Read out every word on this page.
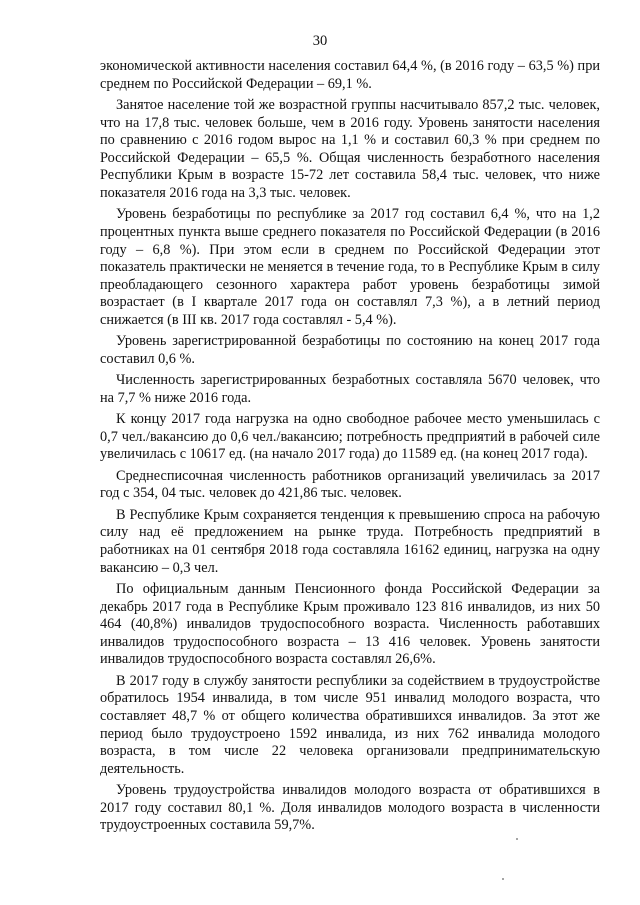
30

экономической активности населения составил 64,4 %, (в 2016 году – 63,5 %) при среднем по Российской Федерации – 69,1 %.

Занятое население той же возрастной группы насчитывало 857,2 тыс. человек, что на 17,8 тыс. человек больше, чем в 2016 году. Уровень занятости населения по сравнению с 2016 годом вырос на 1,1 % и составил 60,3 % при среднем по Российской Федерации – 65,5 %. Общая численность безработного населения Республики Крым в возрасте 15-72 лет составила 58,4 тыс. человек, что ниже показателя 2016 года на 3,3 тыс. человек.

Уровень безработицы по республике за 2017 год составил 6,4 %, что на 1,2 процентных пункта выше среднего показателя по Российской Федерации (в 2016 году – 6,8 %). При этом если в среднем по Российской Федерации этот показатель практически не меняется в течение года, то в Республике Крым в силу преобладающего сезонного характера работ уровень безработицы зимой возрастает (в I квартале 2017 года он составлял 7,3 %), а в летний период снижается (в III кв. 2017 года составлял - 5,4 %).

Уровень зарегистрированной безработицы по состоянию на конец 2017 года составил 0,6 %.

Численность зарегистрированных безработных составляла 5670 человек, что на 7,7 % ниже 2016 года.

К концу 2017 года нагрузка на одно свободное рабочее место уменьшилась с 0,7 чел./вакансию до 0,6 чел./вакансию; потребность предприятий в рабочей силе увеличилась с 10617 ед. (на начало 2017 года) до 11589 ед. (на конец 2017 года).

Среднесписочная численность работников организаций увеличилась за 2017 год с 354, 04 тыс. человек до 421,86 тыс. человек.

В Республике Крым сохраняется тенденция к превышению спроса на рабочую силу над её предложением на рынке труда. Потребность предприятий в работниках на 01 сентября 2018 года составляла 16162 единиц, нагрузка на одну вакансию – 0,3 чел.

По официальным данным Пенсионного фонда Российской Федерации за декабрь 2017 года в Республике Крым проживало 123 816 инвалидов, из них 50 464 (40,8%) инвалидов трудоспособного возраста. Численность работавших инвалидов трудоспособного возраста – 13 416 человек. Уровень занятости инвалидов трудоспособного возраста составлял 26,6%.

В 2017 году в службу занятости республики за содействием в трудоустройстве обратилось 1954 инвалида, в том числе 951 инвалид молодого возраста, что составляет 48,7 % от общего количества обратившихся инвалидов. За этот же период было трудоустроено 1592 инвалида, из них 762 инвалида молодого возраста, в том числе 22 человека организовали предпринимательскую деятельность.

Уровень трудоустройства инвалидов молодого возраста от обратившихся в 2017 году составил 80,1 %. Доля инвалидов молодого возраста в численности трудоустроенных составила 59,7%.
